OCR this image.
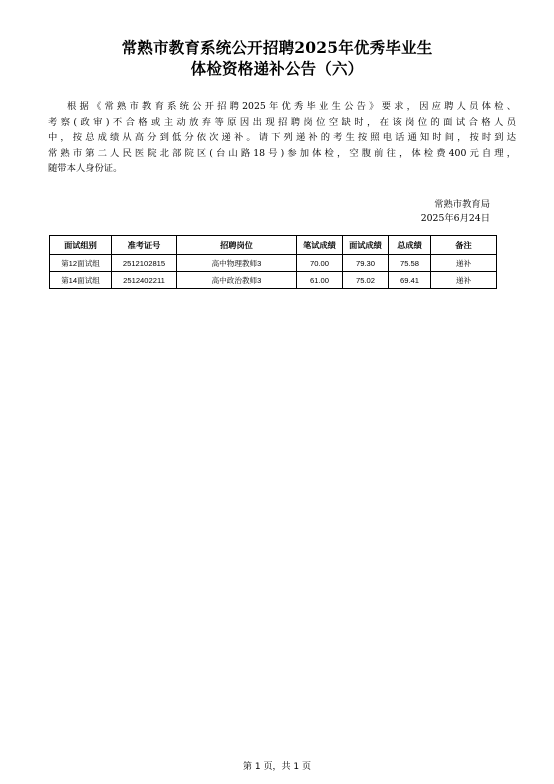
常熟市教育系统公开招聘2025年优秀毕业生
体检资格递补公告（六）
根据《常熟市教育系统公开招聘2025年优秀毕业生公告》要求，因应聘人员体检、
考察(政审)不合格或主动放弃等原因出现招聘岗位空缺时，在该岗位的面试合格人员
中，按总成绩从高分到低分依次递补。请下列递补的考生按照电话通知时间，按时到达
常熟市第二人民医院北部院区(台山路18号)参加体检，空腹前往，体检费400元自理，
随带本人身份证。
常熟市教育局
2025年6月24日
面试组别	准考证号	招聘岗位	笔试成绩	面试成绩	总成绩	备注
第12面试组	2512102815	高中物理教师3	70.00	79.30	75.58	递补
第14面试组	2512402211	高中政治教师3	61.00	75.02	69.41	递补
第 1 页，共 1 页
